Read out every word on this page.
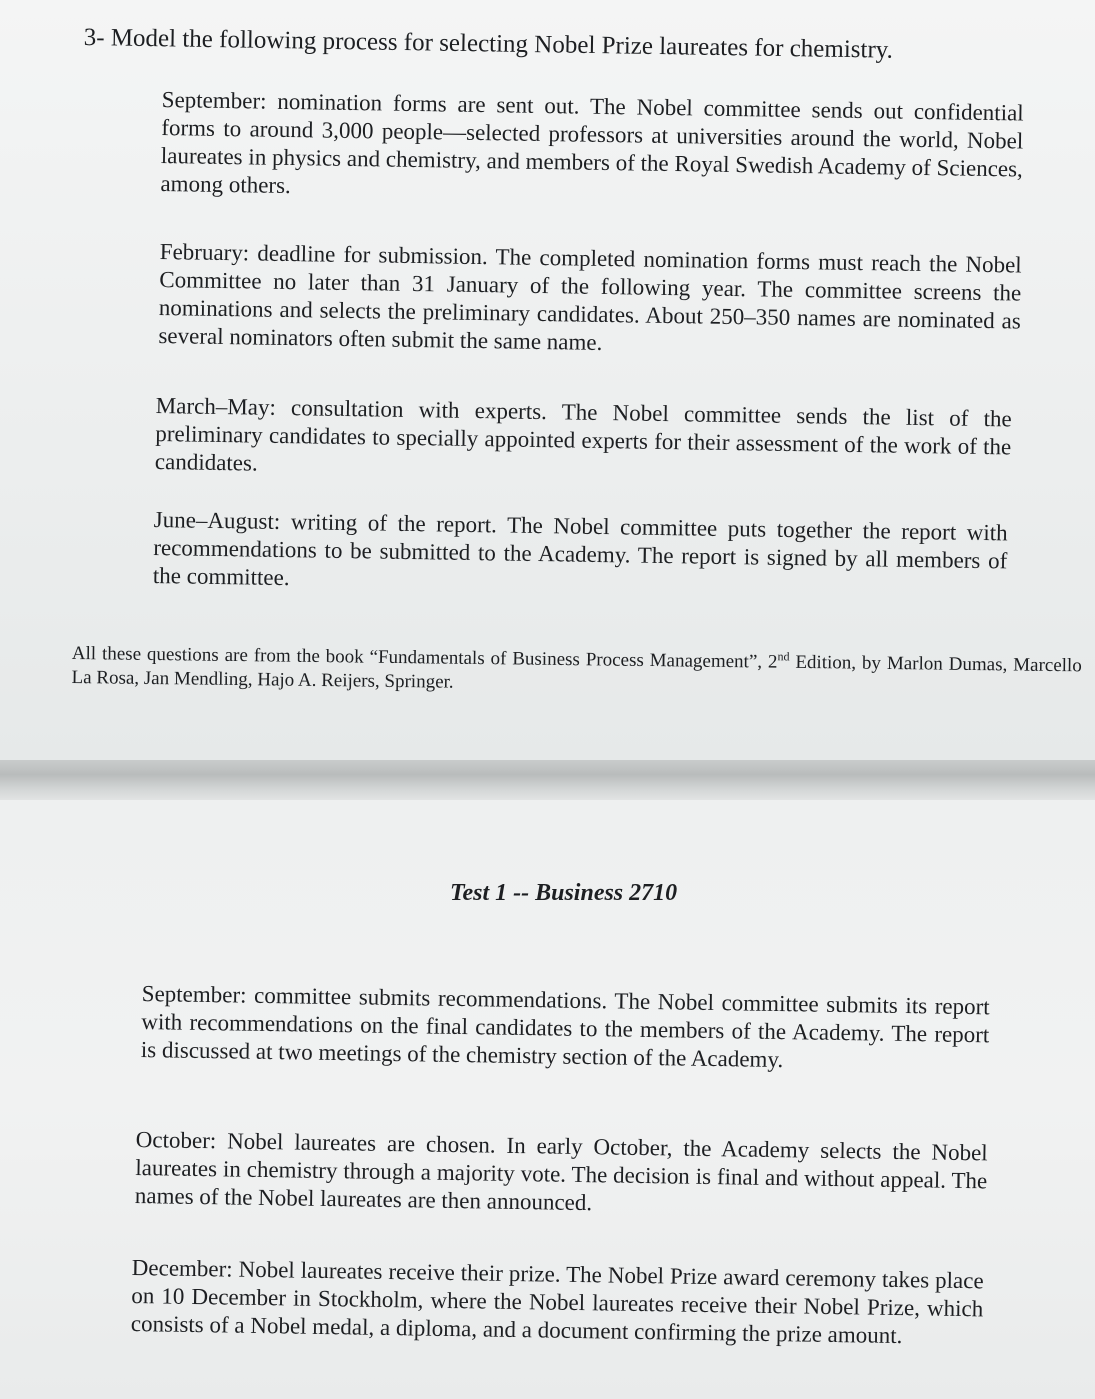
3- Model the following process for selecting Nobel Prize laureates for chemistry.

September: nomination forms are sent out. The Nobel committee sends out confidential forms to around 3,000 people—selected professors at universities around the world, Nobel laureates in physics and chemistry, and members of the Royal Swedish Academy of Sciences, among others.

February: deadline for submission. The completed nomination forms must reach the Nobel Committee no later than 31 January of the following year. The committee screens the nominations and selects the preliminary candidates. About 250–350 names are nominated as several nominators often submit the same name.

March–May: consultation with experts. The Nobel committee sends the list of the preliminary candidates to specially appointed experts for their assessment of the work of the candidates.

June–August: writing of the report. The Nobel committee puts together the report with recommendations to be submitted to the Academy. The report is signed by all members of the committee.

All these questions are from the book “Fundamentals of Business Process Management”, 2nd Edition, by Marlon Dumas, Marcello La Rosa, Jan Mendling, Hajo A. Reijers, Springer.

Test 1 -- Business 2710

September: committee submits recommendations. The Nobel committee submits its report with recommendations on the final candidates to the members of the Academy. The report is discussed at two meetings of the chemistry section of the Academy.

October: Nobel laureates are chosen. In early October, the Academy selects the Nobel laureates in chemistry through a majority vote. The decision is final and without appeal. The names of the Nobel laureates are then announced.

December: Nobel laureates receive their prize. The Nobel Prize award ceremony takes place on 10 December in Stockholm, where the Nobel laureates receive their Nobel Prize, which consists of a Nobel medal, a diploma, and a document confirming the prize amount.
